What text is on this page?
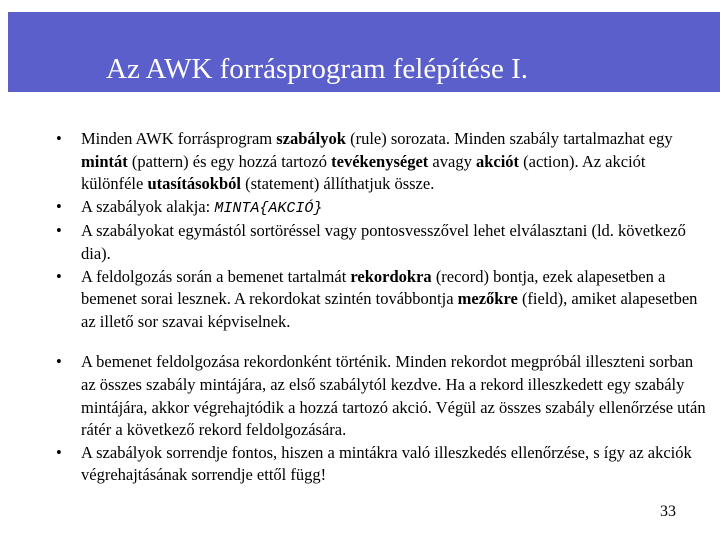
Az AWK forrásprogram felépítése I.
• Minden AWK forrásprogram szabályok (rule) sorozata. Minden szabály tartalmazhat egy mintát (pattern) és egy hozzá tartozó tevékenységet avagy akciót (action). Az akciót különféle utasításokból (statement) állíthatjuk össze.
• A szabályok alakja: MINTA{AKCIÓ}
• A szabályokat egymástól sortöréssel vagy pontosvesszővel lehet elválasztani (ld. következő dia).
• A feldolgozás során a bemenet tartalmát rekordokra (record) bontja, ezek alapesetben a bemenet sorai lesznek. A rekordokat szintén továbbontja mezőkre (field), amiket alapesetben az illető sor szavai képviselnek.
• A bemenet feldolgozása rekordonként történik. Minden rekordot megpróbál illeszteni sorban az összes szabály mintájára, az első szabálytól kezdve. Ha a rekord illeszkedett egy szabály mintájára, akkor végrehajtódik a hozzá tartozó akció. Végül az összes szabály ellenőrzése után rátér a következő rekord feldolgozására.
• A szabályok sorrendje fontos, hiszen a mintákra való illeszkedés ellenőrzése, s így az akciók végrehajtásának sorrendje ettől függ!
33
